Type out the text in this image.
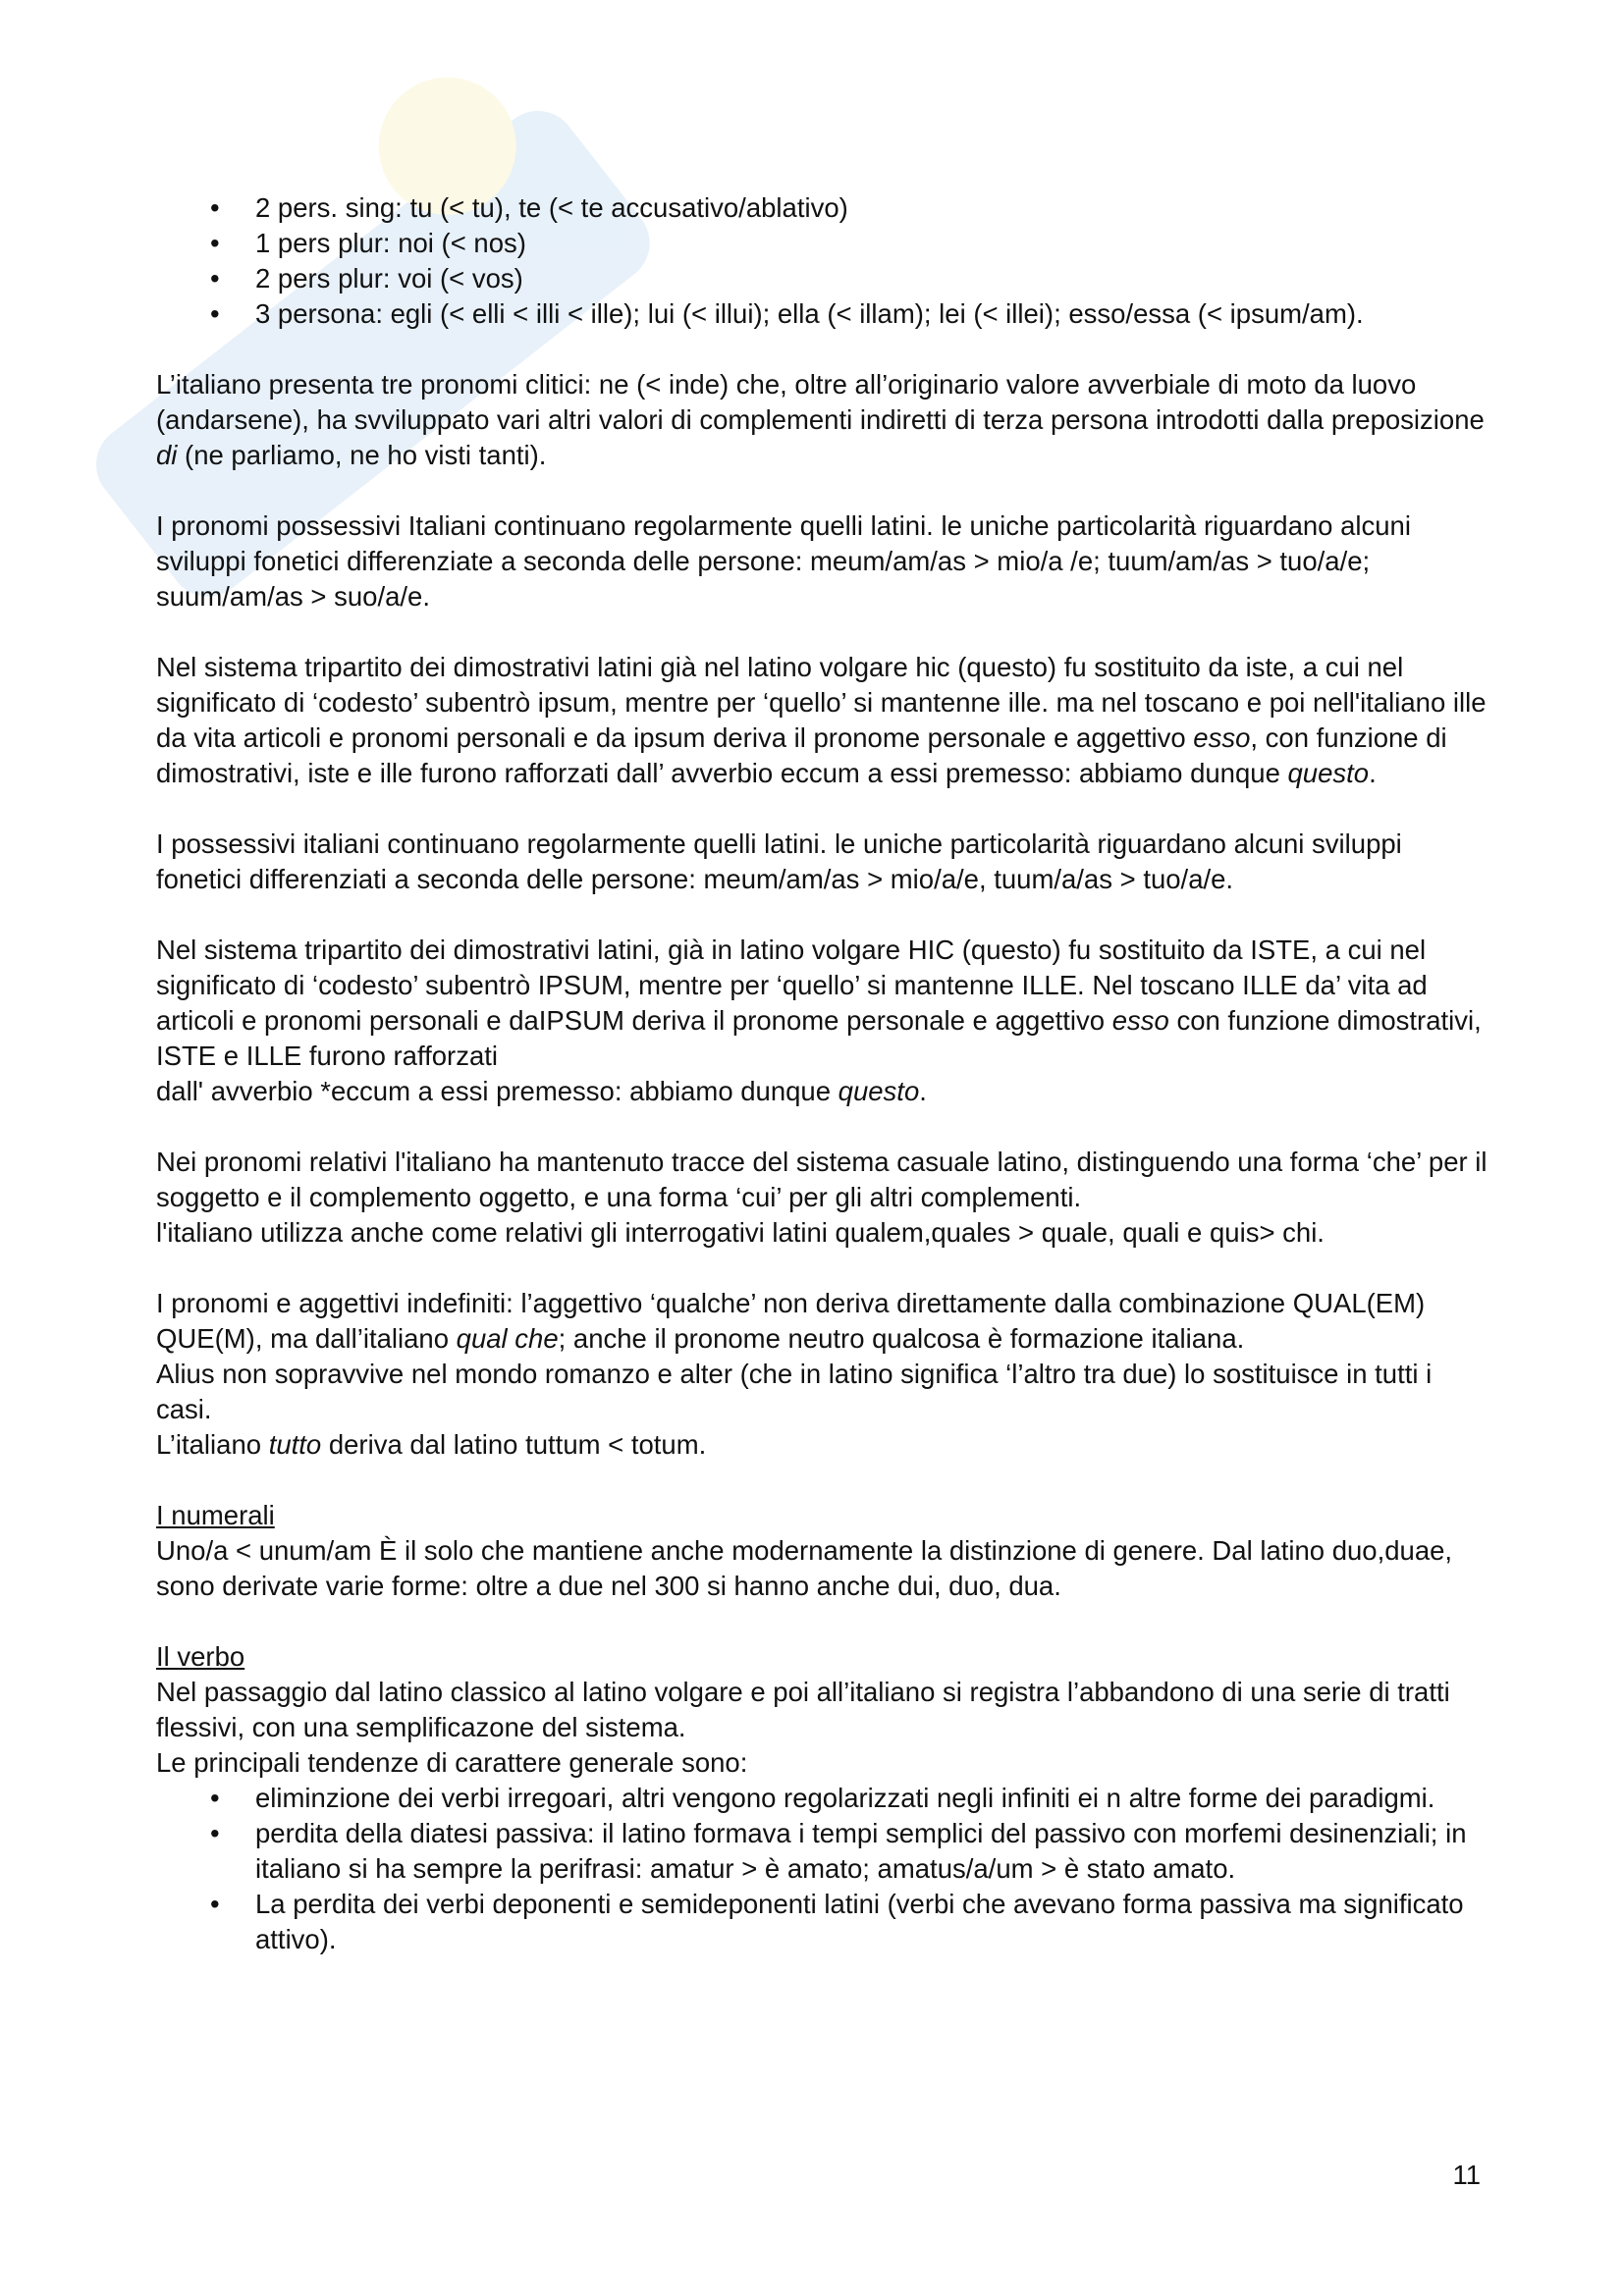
• 2 pers. sing: tu (< tu), te (< te accusativo/ablativo)
• 1 pers plur: noi (< nos)
• 2 pers plur: voi (< vos)
• 3 persona: egli (< elli < illi < ille); lui (< illui); ella (< illam); lei (< illei); esso/essa (< ipsum/am).

L’italiano presenta tre pronomi clitici: ne (< inde) che, oltre all’originario valore avverbiale di moto da luovo (andarsene), ha svviluppato vari altri valori di complementi indiretti di terza persona introdotti dalla preposizione di (ne parliamo, ne ho visti tanti).

I pronomi possessivi Italiani continuano regolarmente quelli latini. le uniche particolarità riguardano alcuni sviluppi fonetici differenziate a seconda delle persone: meum/am/as > mio/a /e; tuum/am/as > tuo/a/e; suum/am/as > suo/a/e.

Nel sistema tripartito dei dimostrativi latini già nel latino volgare hic (questo) fu sostituito da iste, a cui nel significato di ‘codesto’ subentrò ipsum, mentre per ‘quello’ si mantenne ille. ma nel toscano e poi nell'italiano ille da vita articoli e pronomi personali e da ipsum deriva il pronome personale e aggettivo esso, con funzione di dimostrativi, iste e ille furono rafforzati dall’ avverbio eccum a essi premesso: abbiamo dunque questo.

I possessivi italiani continuano regolarmente quelli latini. le uniche particolarità riguardano alcuni sviluppi fonetici differenziati a seconda delle persone: meum/am/as > mio/a/e, tuum/a/as > tuo/a/e.

Nel sistema tripartito dei dimostrativi latini, già in latino volgare HIC (questo) fu sostituito da ISTE, a cui nel significato di ‘codesto’ subentrò IPSUM, mentre per ‘quello’ si mantenne ILLE. Nel toscano ILLE da’ vita ad articoli e pronomi personali e daIPSUM deriva il pronome personale e aggettivo esso con funzione dimostrativi, ISTE e ILLE furono rafforzati
dall' avverbio *eccum a essi premesso: abbiamo dunque questo.

Nei pronomi relativi l'italiano ha mantenuto tracce del sistema casuale latino, distinguendo una forma ‘che’ per il soggetto e il complemento oggetto, e una forma ‘cui’ per gli altri complementi.
l'italiano utilizza anche come relativi gli interrogativi latini qualem,quales > quale, quali e quis> chi.

I pronomi e aggettivi indefiniti: l’aggettivo ‘qualche’ non deriva direttamente dalla combinazione QUAL(EM) QUE(M), ma dall’italiano qual che; anche il pronome neutro qualcosa è formazione italiana.
Alius non sopravvive nel mondo romanzo e alter (che in latino significa ‘l’altro tra due) lo sostituisce in tutti i casi.
L’italiano tutto deriva dal latino tuttum < totum.

I numerali

Uno/a < unum/am È il solo che mantiene anche modernamente la distinzione di genere. Dal latino duo,duae, sono derivate varie forme: oltre a due nel 300 si hanno anche dui, duo, dua.

Il verbo

Nel passaggio dal latino classico al latino volgare e poi all’italiano si registra l’abbandono di una serie di tratti flessivi, con una semplificazone del sistema.

Le principali tendenze di carattere generale sono:

• eliminzione dei verbi irregoari, altri vengono regolarizzati negli infiniti ei n altre forme dei paradigmi.
• perdita della diatesi passiva: il latino formava i tempi semplici del passivo con morfemi desinenziali; in italiano si ha sempre la perifrasi: amatur > è amato; amatus/a/um > è stato amato.
• La perdita dei verbi deponenti e semideponenti latini (verbi che avevano forma passiva ma significato attivo).
11
